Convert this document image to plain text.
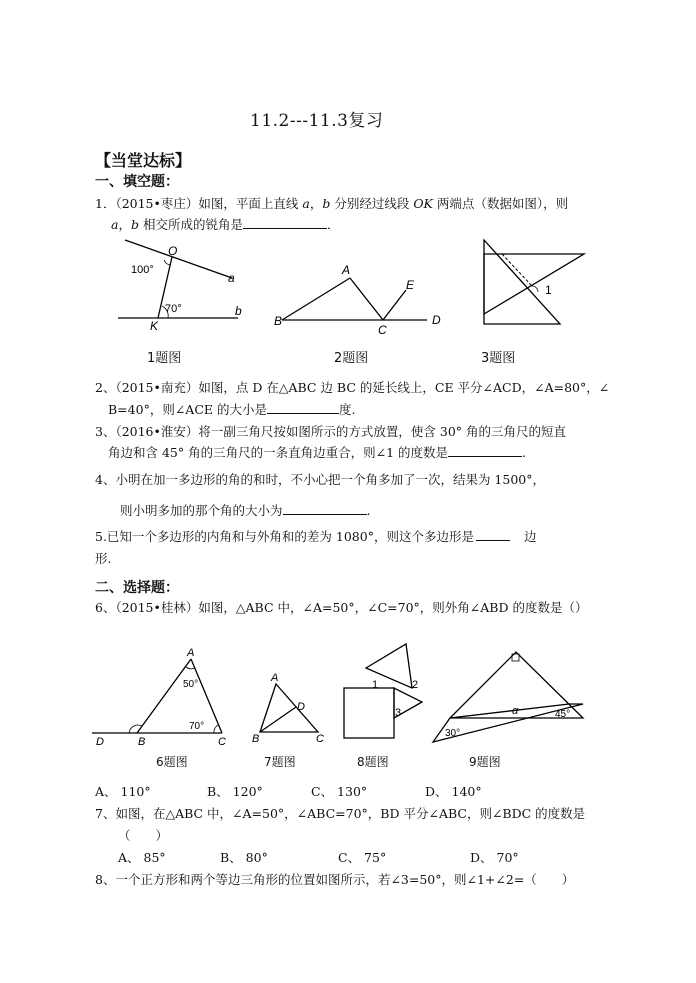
11.2---11.3复习
【当堂达标】
一、填空题：
1．（2015•枣庄）如图，平面上直线 a，b 分别经过线段 OK 两端点（数据如图），则
a，b 相交所成的锐角是	．
O
100°
70°
K
a
b
A
B
C
D
E	1
1题图	2题图	3题图
2、（2015•南充）如图，点 D 在△ABC 边 BC 的延长线上，CE 平分∠ACD，∠A=80°，∠
B=40°，则∠ACE 的大小是	度.
3、（2016•淮安）将一副三角尺按如图所示的方式放置，使含 30° 角的三角尺的短直
角边和含 45° 角的三角尺的一条直角边重合，则∠1 的度数是	.
4、小明在加一多边形的角的和时，不小心把一个角多加了一次，结果为 1500°，
则小明多加的那个角的大小为	.
5.已知一个多边形的内角和与外角和的差为 1080°，则这个多边形是	边
形.
二、选择题：
6、（2015•桂林）如图，△ABC 中，∠A=50°，∠C=70°，则外角∠ABD 的度数是（）
A
50°
70°
B	C
D
A
B	C
D
1	2
3	α
30°
45°
6题图	7题图	8题图	9题图
A、 110°	B、 120°	C、 130°	D、 140°
7、如图，在△ABC 中，∠A=50°，∠ABC=70°，BD 平分∠ABC，则∠BDC 的度数是
（　　）
A、 85°	B、 80°	C、 75°	D、 70°
8、一个正方形和两个等边三角形的位置如图所示，若∠3=50°，则∠1+∠2=（　　）
